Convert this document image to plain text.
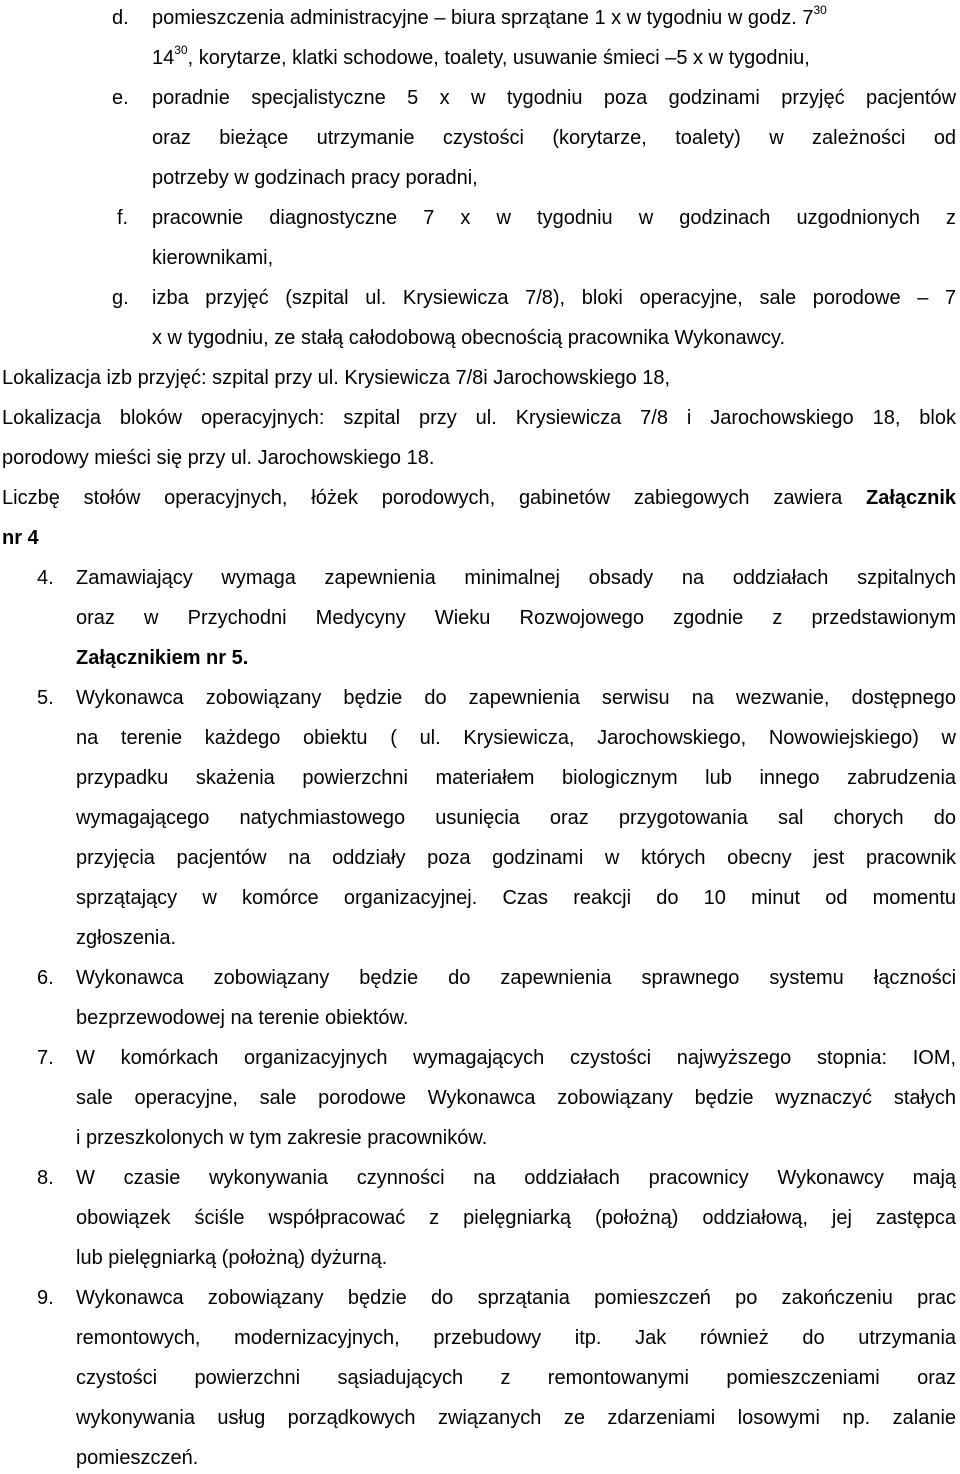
d. pomieszczenia administracyjne – biura sprzątane 1 x w tygodniu w godz. $7^{30}$

$14^{30}$, korytarze, klatki schodowe, toalety, usuwanie śmieci –5 x w tygodniu,

e. poradnie specjalistyczne 5 x w tygodniu poza godzinami przyjęć pacjentów

oraz bieżące utrzymanie czystości (korytarze, toalety) w zależności od

potrzeby w godzinach pracy poradni,

f. pracownie diagnostyczne 7 x w tygodniu w godzinach uzgodnionych z

kierownikami,

g. izba przyjęć (szpital ul. Krysiewicza 7/8), bloki operacyjne, sale porodowe – 7

x w tygodniu, ze stałą całodobową obecnością pracownika Wykonawcy.

Lokalizacja izb przyjęć: szpital przy ul. Krysiewicza 7/8i Jarochowskiego 18,

Lokalizacja bloków operacyjnych: szpital przy ul. Krysiewicza 7/8 i Jarochowskiego 18, blok

porodowy mieści się przy ul. Jarochowskiego 18.

Liczbę stołów operacyjnych, łóżek porodowych, gabinetów zabiegowych zawiera Załącznik

nr 4

4. Zamawiający wymaga zapewnienia minimalnej obsady na oddziałach szpitalnych

oraz w Przychodni Medycyny Wieku Rozwojowego zgodnie z przedstawionym

Załącznikiem nr 5.

5. Wykonawca zobowiązany będzie do zapewnienia serwisu na wezwanie, dostępnego

na terenie każdego obiektu ( ul. Krysiewicza, Jarochowskiego, Nowowiejskiego) w

przypadku skażenia powierzchni materiałem biologicznym lub innego zabrudzenia

wymagającego natychmiastowego usunięcia oraz przygotowania sal chorych do

przyjęcia pacjentów na oddziały poza godzinami w których obecny jest pracownik

sprzątający w komórce organizacyjnej. Czas reakcji do 10 minut od momentu

zgłoszenia.

6. Wykonawca zobowiązany będzie do zapewnienia sprawnego systemu łączności

bezprzewodowej na terenie obiektów.

7. W komórkach organizacyjnych wymagających czystości najwyższego stopnia: IOM,

sale operacyjne, sale porodowe Wykonawca zobowiązany będzie wyznaczyć stałych

i przeszkolonych w tym zakresie pracowników.

8. W czasie wykonywania czynności na oddziałach pracownicy Wykonawcy mają

obowiązek ściśle współpracować z pielęgniarką (położną) oddziałową, jej zastępca

lub pielęgniarką (położną) dyżurną.

9. Wykonawca zobowiązany będzie do sprzątania pomieszczeń po zakończeniu prac

remontowych, modernizacyjnych, przebudowy itp. Jak również do utrzymania

czystości powierzchni sąsiadujących z remontowanymi pomieszczeniami oraz

wykonywania usług porządkowych związanych ze zdarzeniami losowymi np. zalanie

pomieszczeń.
